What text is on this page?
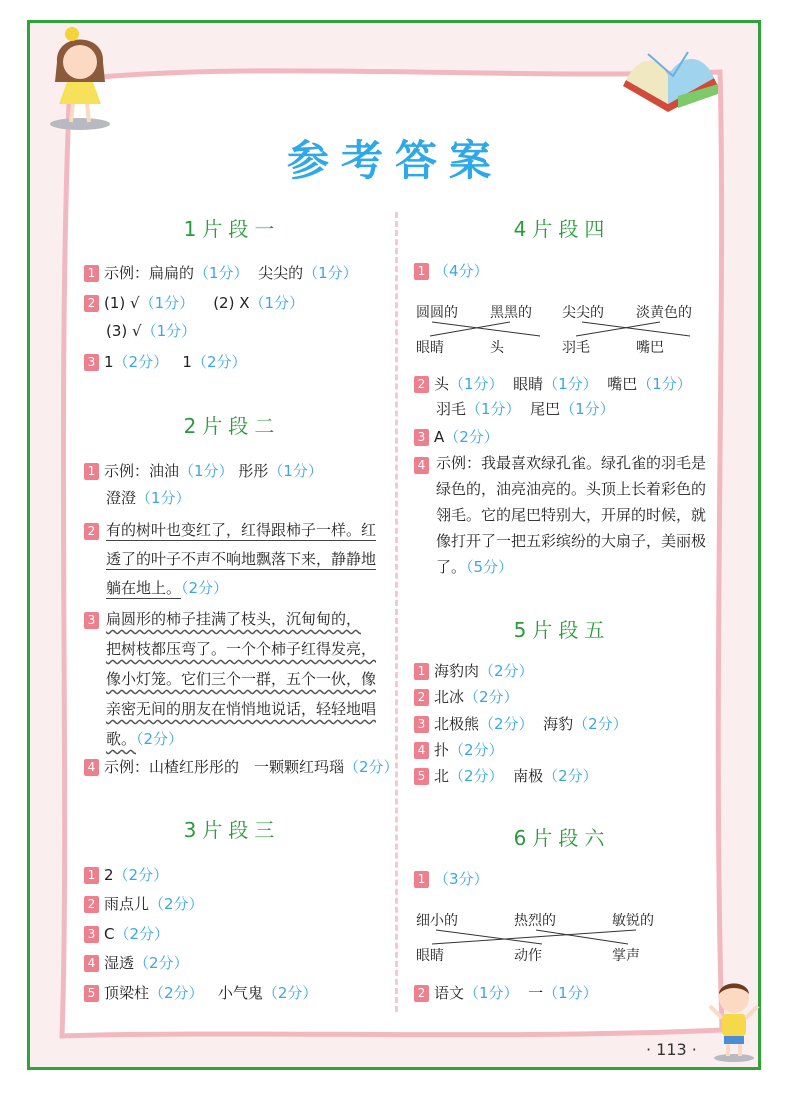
参考答案
1片段一
1 示例：扁扁的（1分） 尖尖的（1分）
2 (1) √（1分） (2) X（1分）
(3) √（1分）
3 1（2分） 1（2分）
2片段二
1 示例：油油（1分） 彤彤（1分）
澄澄（1分）
2 有的树叶也变红了，红得跟柿子一样。红
透了的叶子不声不响地飘落下来，静静地
躺在地上。（2分）
3 扁圆形的柿子挂满了枝头，沉甸甸的，
把树枝都压弯了。一个个柿子红得发亮，
像小灯笼。它们三个一群，五个一伙，像
亲密无间的朋友在悄悄地说话，轻轻地唱
歌。（2分）
4 示例：山楂红彤彤的　一颗颗红玛瑙（2分）
3片段三
1 2（2分）
2 雨点儿（2分）
3 C（2分）
4 湿透（2分）
5 顶梁柱（2分） 小气鬼（2分）
4片段四
1 （4分）
圆圆的 黑黑的 尖尖的 淡黄色的
眼睛	头	羽毛	嘴巴
2 头（1分） 眼睛（1分） 嘴巴（1分）
羽毛（1分） 尾巴（1分）
3 A（2分）
4 示例：我最喜欢绿孔雀。绿孔雀的羽毛是
绿色的，油亮油亮的。头顶上长着彩色的
翎毛。它的尾巴特别大，开屏的时候，就
像打开了一把五彩缤纷的大扇子，美丽极
了。（5分）
5片段五
1 海豹肉（2分）
2 北冰（2分）
3 北极熊（2分） 海豹（2分）
4 扑（2分）
5 北（2分） 南极（2分）
6片段六
1 （3分）
细小的	热烈的	敏锐的
眼睛	动作	掌声
2 语文（1分） 一（1分）
· 113 ·
